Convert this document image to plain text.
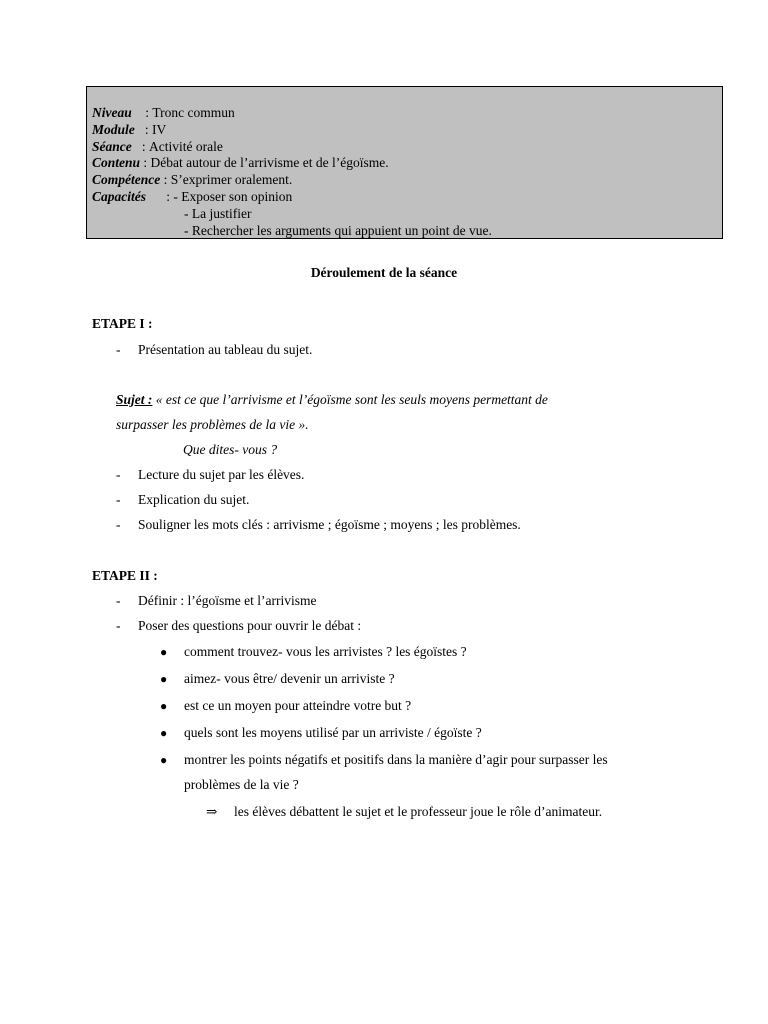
Niveau : Tronc commun
Module : IV
Séance : Activité orale
Contenu : Débat autour de l’arrivisme et de l’égoïsme.
Compétence : S’exprimer oralement.
Capacités : - Exposer son opinion
- La justifier
- Rechercher les arguments qui appuient un point de vue.
Déroulement de la séance
ETAPE I :
- Présentation au tableau du sujet.
Sujet : « est ce que l’arrivisme et l’égoïsme sont les seuls moyens permettant de
surpasser les problèmes de la vie ».
Que dites- vous ?
- Lecture du sujet par les élèves.
- Explication du sujet.
- Souligner les mots clés : arrivisme ; égoïsme ; moyens ; les problèmes.
ETAPE II :
- Définir : l’égoïsme et l’arrivisme
- Poser des questions pour ouvrir le débat :
● comment trouvez- vous les arrivistes ? les égoïstes ?
● aimez- vous être/ devenir un arriviste ?
● est ce un moyen pour atteindre votre but ?
● quels sont les moyens utilisé par un arriviste / égoïste ?
● montrer les points négatifs et positifs dans la manière d’agir pour surpasser les
problèmes de la vie ?
⇒ les élèves débattent le sujet et le professeur joue le rôle d’animateur.
